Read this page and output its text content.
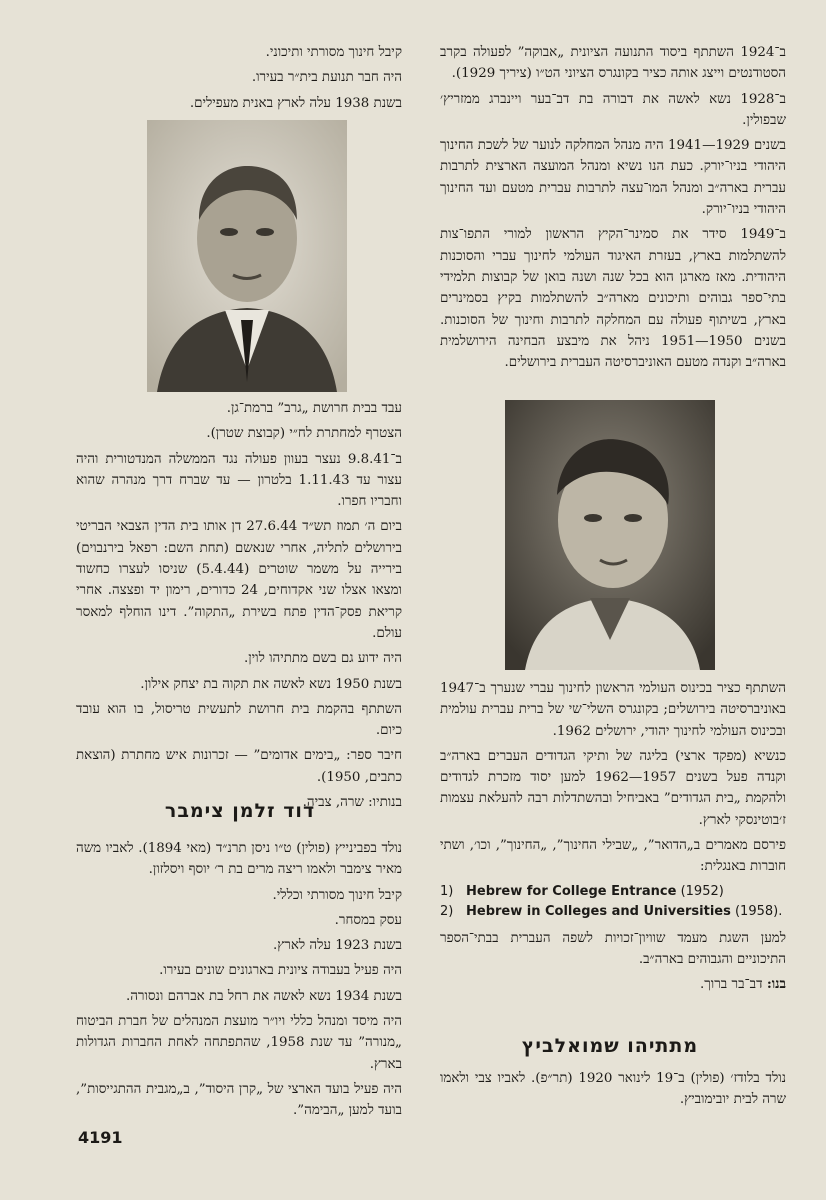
ב־1924 השתתף ביסוד התנועה הציונית „אבוקה” לפעולה בקרב הסטודנטים וייצג אותה כציר בקונגרס הציוני הט״ו (ציריך 1929).

ב־1928 נשא לאשה את דבורה בת דב־בער ויינברג ממזריץ׳ שבפולין.

בשנים 1929—1941 היה מנהל המחלקה לנוער של לשכת החינוך היהודי בניו־יורק. כעת הנו נשיא ומנהל המועצה הארצית לתרבות עברית בארה״ב ומנהל המו־עצה לתרבות עברית מטעם ועד החינוך היהודי בניו־יורק.

ב־1949 סידר את סמינר־הקיץ הראשון למורי התפו־צות להשתלמות בארץ, בעזרת האיגוד העולמי לחינוך עברי והסוכנות היהודית. מאז מארגן הוא בכל שנה ושנה בואן של קבוצות תלמידי בתי־ספר גבוהים ותיכונים מארה״ב להשתלמות בקיץ בסמינרים בארץ, בשיתוף פעולה עם המחלקה לתרבות וחינוך של הסוכנות. בשנים 1950—1951 ניהל את מיבצע הבחינה הירושלמית בארה״ב וקנדה מטעם האוניברסיטה העברית בירושלים.

השתתף כציר בכינוס העולמי הראשון לחינוך עברי שנערך ב־1947 באוניברסיטה בירושלים; בקונגרס השלי־שי של ברית עברית עולמית ובכינוס העולמי לחינוך יהודי, ירושלים 1962.

כנשיא (מפקד ארצי) בליגה של ותיקי הגדודים העברים בארה״ב וקנדה פעל בשנים 1957—1962 למען יסוד מזכרת לגדודים ולהקמת „בית הגדודים” באביחיל ובהשתדלות רבה להעלאת עצמות ז׳בוטינסקי לארץ.

פירסם מאמרים ב„הדואר”, „שבילי החינוך”, „החינוך”, וכו׳, ושתי חוברות באנגלית:

1) Hebrew for College Entrance (1952)
2) Hebrew in Colleges and Universities (1958).

למען השגת מעמד שוויון־זכויות לשפה העברית בבתי־הספר התיכוניים והגבוהים בארה״ב.

בנו: דב־בר ברוך.

קיבל חינוך מסורתי ותיכוני.

היה חבר תנועת בית״ר בעירו.

בשנת 1938 עלה לארץ באנית מעפילים.

עבד בבית חרושת „גרב” ברמת־גן.

הצטרף למחתרת לח״י (קבוצת שטרן).

ב־9.8.41 נעצר בעוון פעולה נגד הממשלה המנדטורית והיה עצור עד 1.11.43 בלטרון — עד שברח דרך מנהרה שהוא וחבריו חפרו.

ביום ה׳ תמוז תש״ד 27.6.44 דן אותו בית הדין הצבאי הבריטי בירושלים לתליה, אחרי שנאשם (תחת השם: רפאל בירנבוים) בירייה על משמר שוטרים (5.4.44) שניסו לעצרו כחשוד ומצאו אצלו שני אקדוחים, 24 כדורים, רימון יד ופצצה. אחרי קריאת פסק־הדין פתח בשירת „התקוה”. דינו הוחלף למאסר עולם.

היה ידוע גם בשם מתתיהו לוין.

בשנת 1950 נשא לאשה את תקוה בת יצחק אילון.

השתתף בהקמת בית חרושת לתעשית טריסול, בו הוא עובד כיום.

חיבר ספר: „בימים אדומים” — זכרונות איש מחתרת (הוצאת כתבים, 1950).

בנותיו: שרה, צביה.

דוד זלמן צימבר

נולד בפבינייץ (פולין) ט״ו ניסן תרנ״ד (מאי 1894). לאביו משה מאיר צימבר ולאמו ריצה מרים בת ר׳ יוסף ויסלזון.

קיבל חינוך מסורתי וכללי.

עסק במסחר.

בשנת 1923 עלה לארץ.

היה פעיל בעבודה ציונית בארגונים שונים בעירו.

בשנת 1934 נשא לאשה את רחל בת אברהם ונסורה.

היה מיסד ומנהל כללי ויו״ר מועצת המנהלים של חברת הביטוח „מנורה” עד שנת 1958, שהתפתחה לאחת החברות הגדולות בארץ.

היה פעיל בועד הארצי של „קרן היסוד”, ב„מגבית ההתגייסות”, בועד למען „הבימה”.

מתתיהו שמואלביץ

נולד בלודז׳ (פולין) ב־19 לינואר 1920 (תר״פ). לאביו צבי ולאמו שרה לבית יובימוביץ.

4191
